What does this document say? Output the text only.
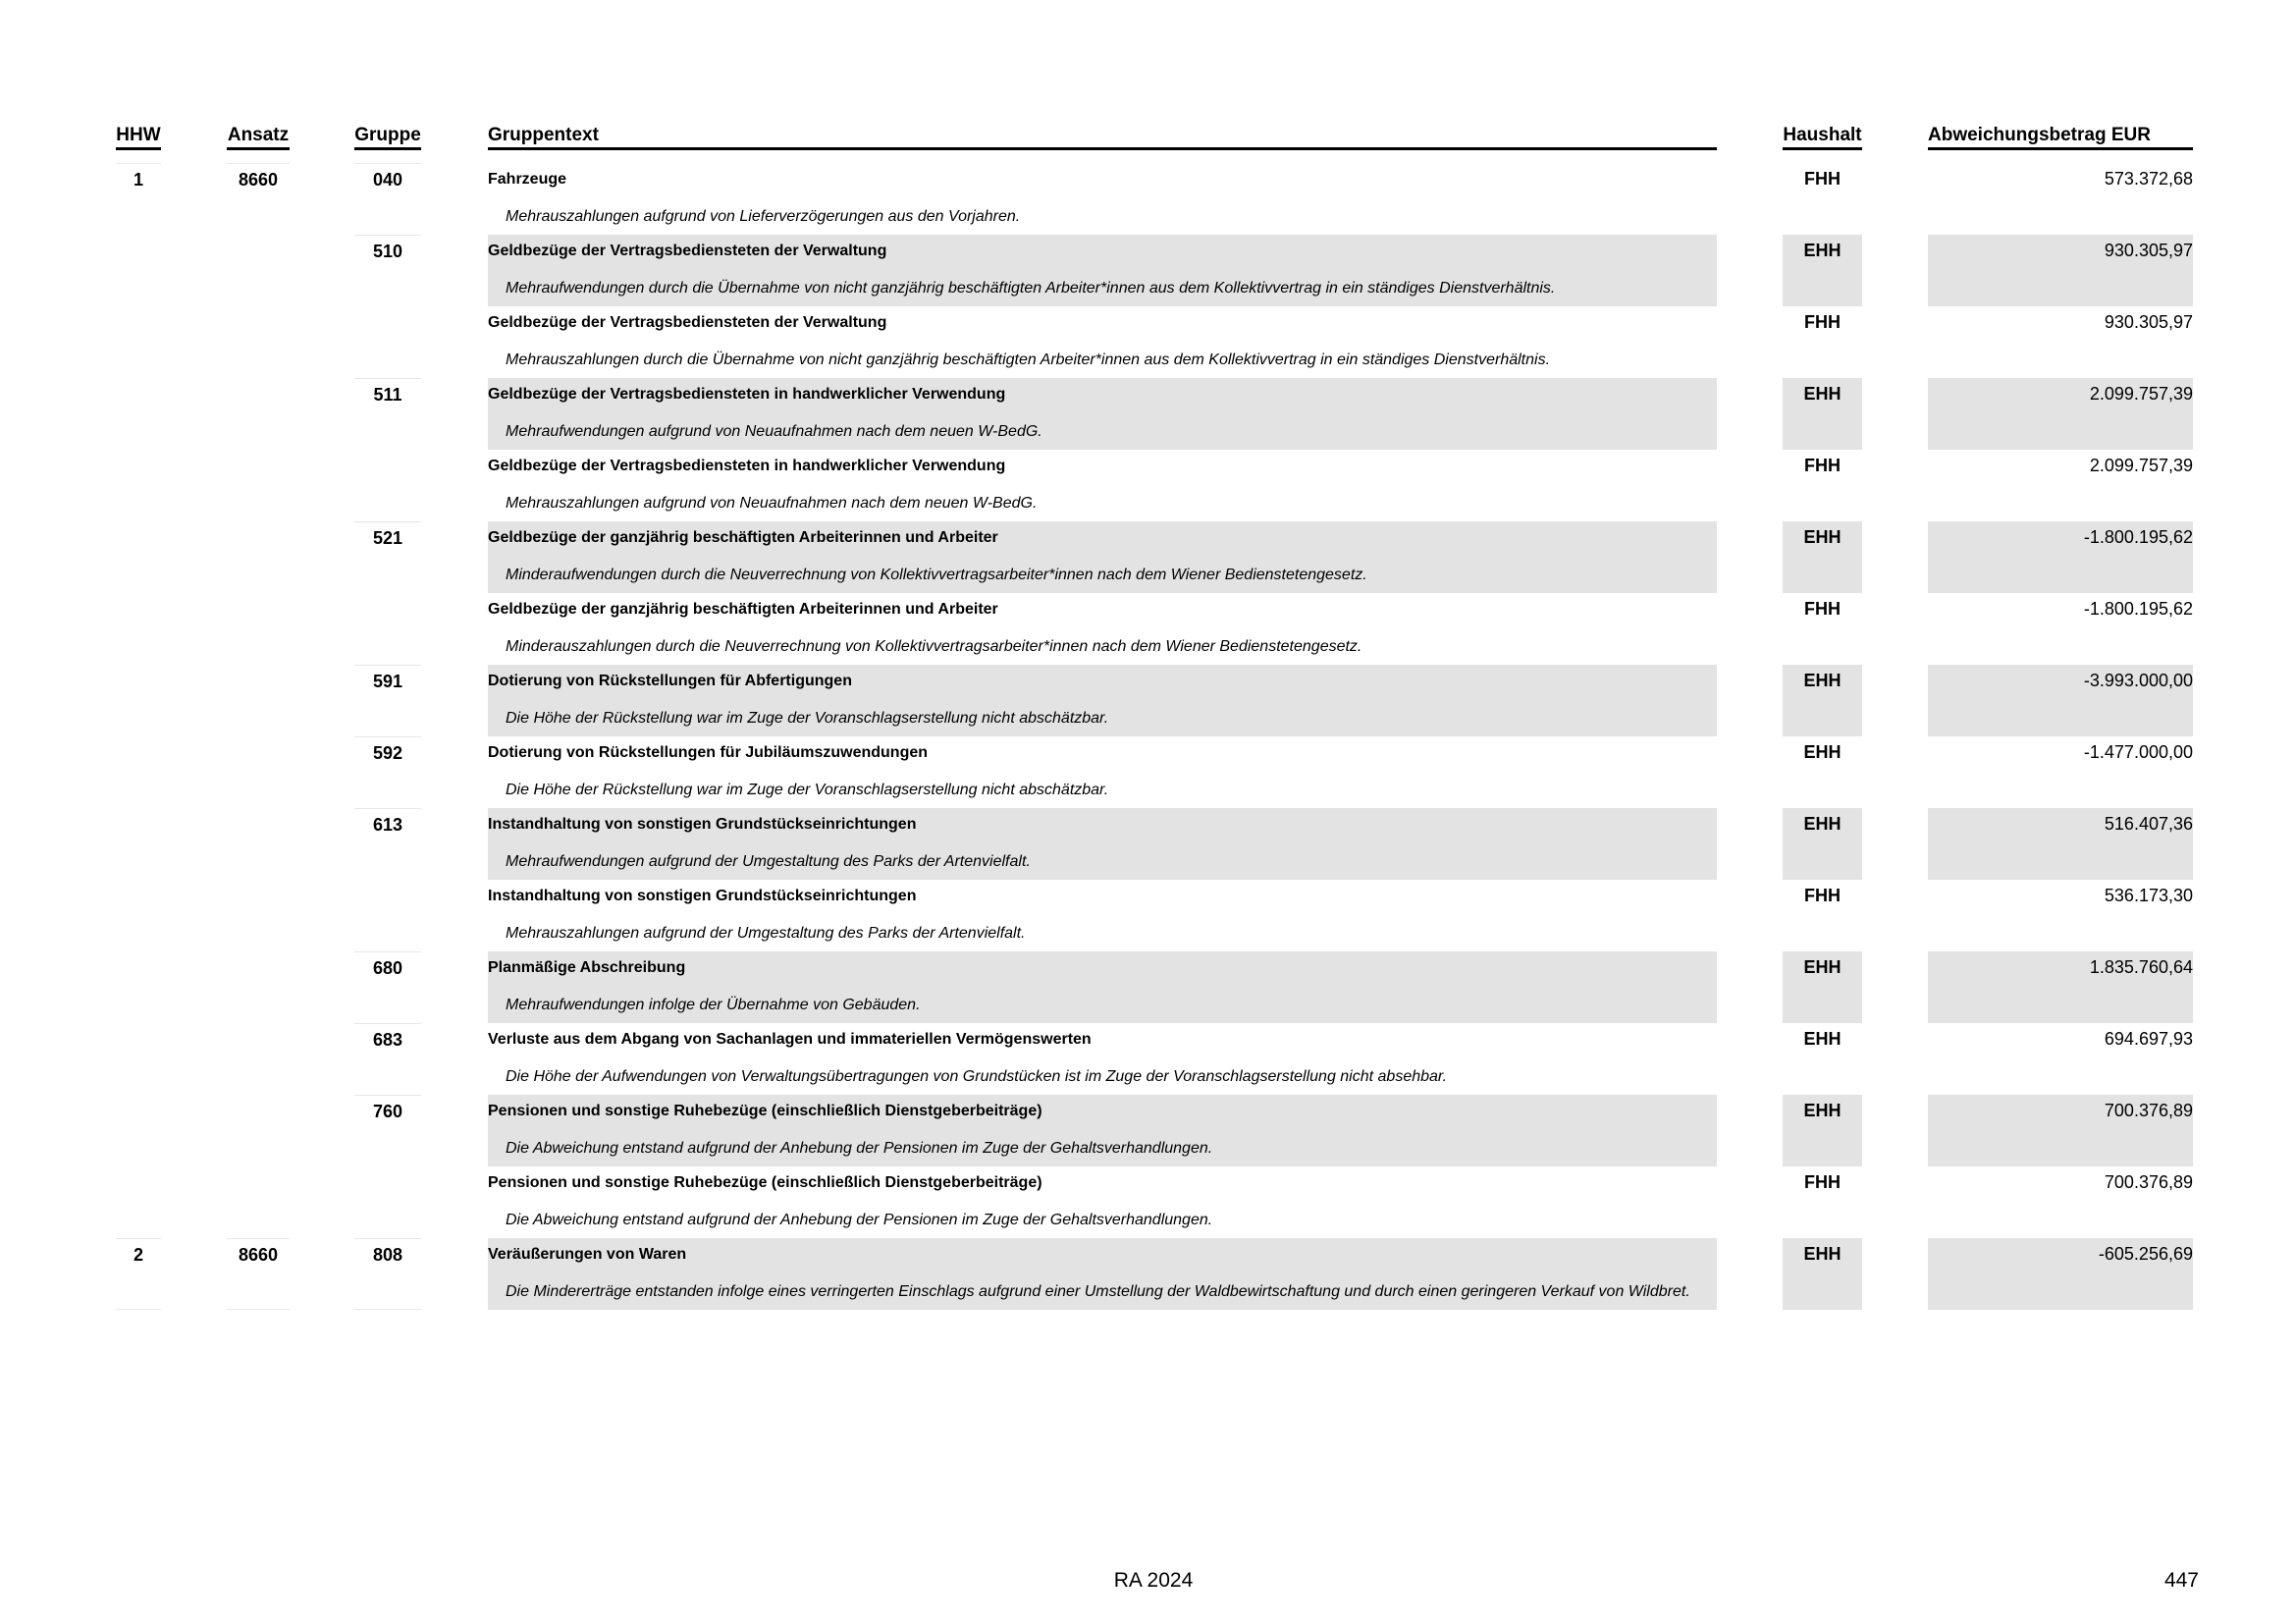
HHW	Ansatz	Gruppe	Gruppentext	Haushalt	Abweichungsbetrag EUR
1	8660	040	Fahrzeuge
Mehrauszahlungen aufgrund von Lieferverzögerungen aus den Vorjahren.
FHH	573.372,68
510	Geldbezüge der Vertragsbediensteten der Verwaltung
Mehraufwendungen durch die Übernahme von nicht ganzjährig beschäftigten Arbeiter*innen aus dem Kollektivvertrag in ein ständiges Dienstverhältnis.
EHH	930.305,97
Geldbezüge der Vertragsbediensteten der Verwaltung
Mehrauszahlungen durch die Übernahme von nicht ganzjährig beschäftigten Arbeiter*innen aus dem Kollektivvertrag in ein ständiges Dienstverhältnis.
FHH	930.305,97
511	Geldbezüge der Vertragsbediensteten in handwerklicher Verwendung
Mehraufwendungen aufgrund von Neuaufnahmen nach dem neuen W-BedG.
EHH	2.099.757,39
Geldbezüge der Vertragsbediensteten in handwerklicher Verwendung
Mehrauszahlungen aufgrund von Neuaufnahmen nach dem neuen W-BedG.
FHH	2.099.757,39
521	Geldbezüge der ganzjährig beschäftigten Arbeiterinnen und Arbeiter
Minderaufwendungen durch die Neuverrechnung von Kollektivvertragsarbeiter*innen nach dem Wiener Bedienstetengesetz.
EHH	-1.800.195,62
Geldbezüge der ganzjährig beschäftigten Arbeiterinnen und Arbeiter
Minderauszahlungen durch die Neuverrechnung von Kollektivvertragsarbeiter*innen nach dem Wiener Bedienstetengesetz.
FHH	-1.800.195,62
591	Dotierung von Rückstellungen für Abfertigungen
Die Höhe der Rückstellung war im Zuge der Voranschlagserstellung nicht abschätzbar.
EHH	-3.993.000,00
592	Dotierung von Rückstellungen für Jubiläumszuwendungen
Die Höhe der Rückstellung war im Zuge der Voranschlagserstellung nicht abschätzbar.
EHH	-1.477.000,00
613	Instandhaltung von sonstigen Grundstückseinrichtungen
Mehraufwendungen aufgrund der Umgestaltung des Parks der Artenvielfalt.
EHH	516.407,36
Instandhaltung von sonstigen Grundstückseinrichtungen
Mehrauszahlungen aufgrund der Umgestaltung des Parks der Artenvielfalt.
FHH	536.173,30
680	Planmäßige Abschreibung
Mehraufwendungen infolge der Übernahme von Gebäuden.
EHH	1.835.760,64
683	Verluste aus dem Abgang von Sachanlagen und immateriellen Vermögenswerten
Die Höhe der Aufwendungen von Verwaltungsübertragungen von Grundstücken ist im Zuge der Voranschlagserstellung nicht absehbar.
EHH	694.697,93
760	Pensionen und sonstige Ruhebezüge (einschließlich Dienstgeberbeiträge)
Die Abweichung entstand aufgrund der Anhebung der Pensionen im Zuge der Gehaltsverhandlungen.
EHH	700.376,89
Pensionen und sonstige Ruhebezüge (einschließlich Dienstgeberbeiträge)
Die Abweichung entstand aufgrund der Anhebung der Pensionen im Zuge der Gehaltsverhandlungen.
FHH	700.376,89
2	8660	808	Veräußerungen von Waren
Die Mindererträge entstanden infolge eines verringerten Einschlags aufgrund einer Umstellung der Waldbewirtschaftung und durch einen geringeren Verkauf von Wildbret.
EHH	-605.256,69
RA 2024	447
